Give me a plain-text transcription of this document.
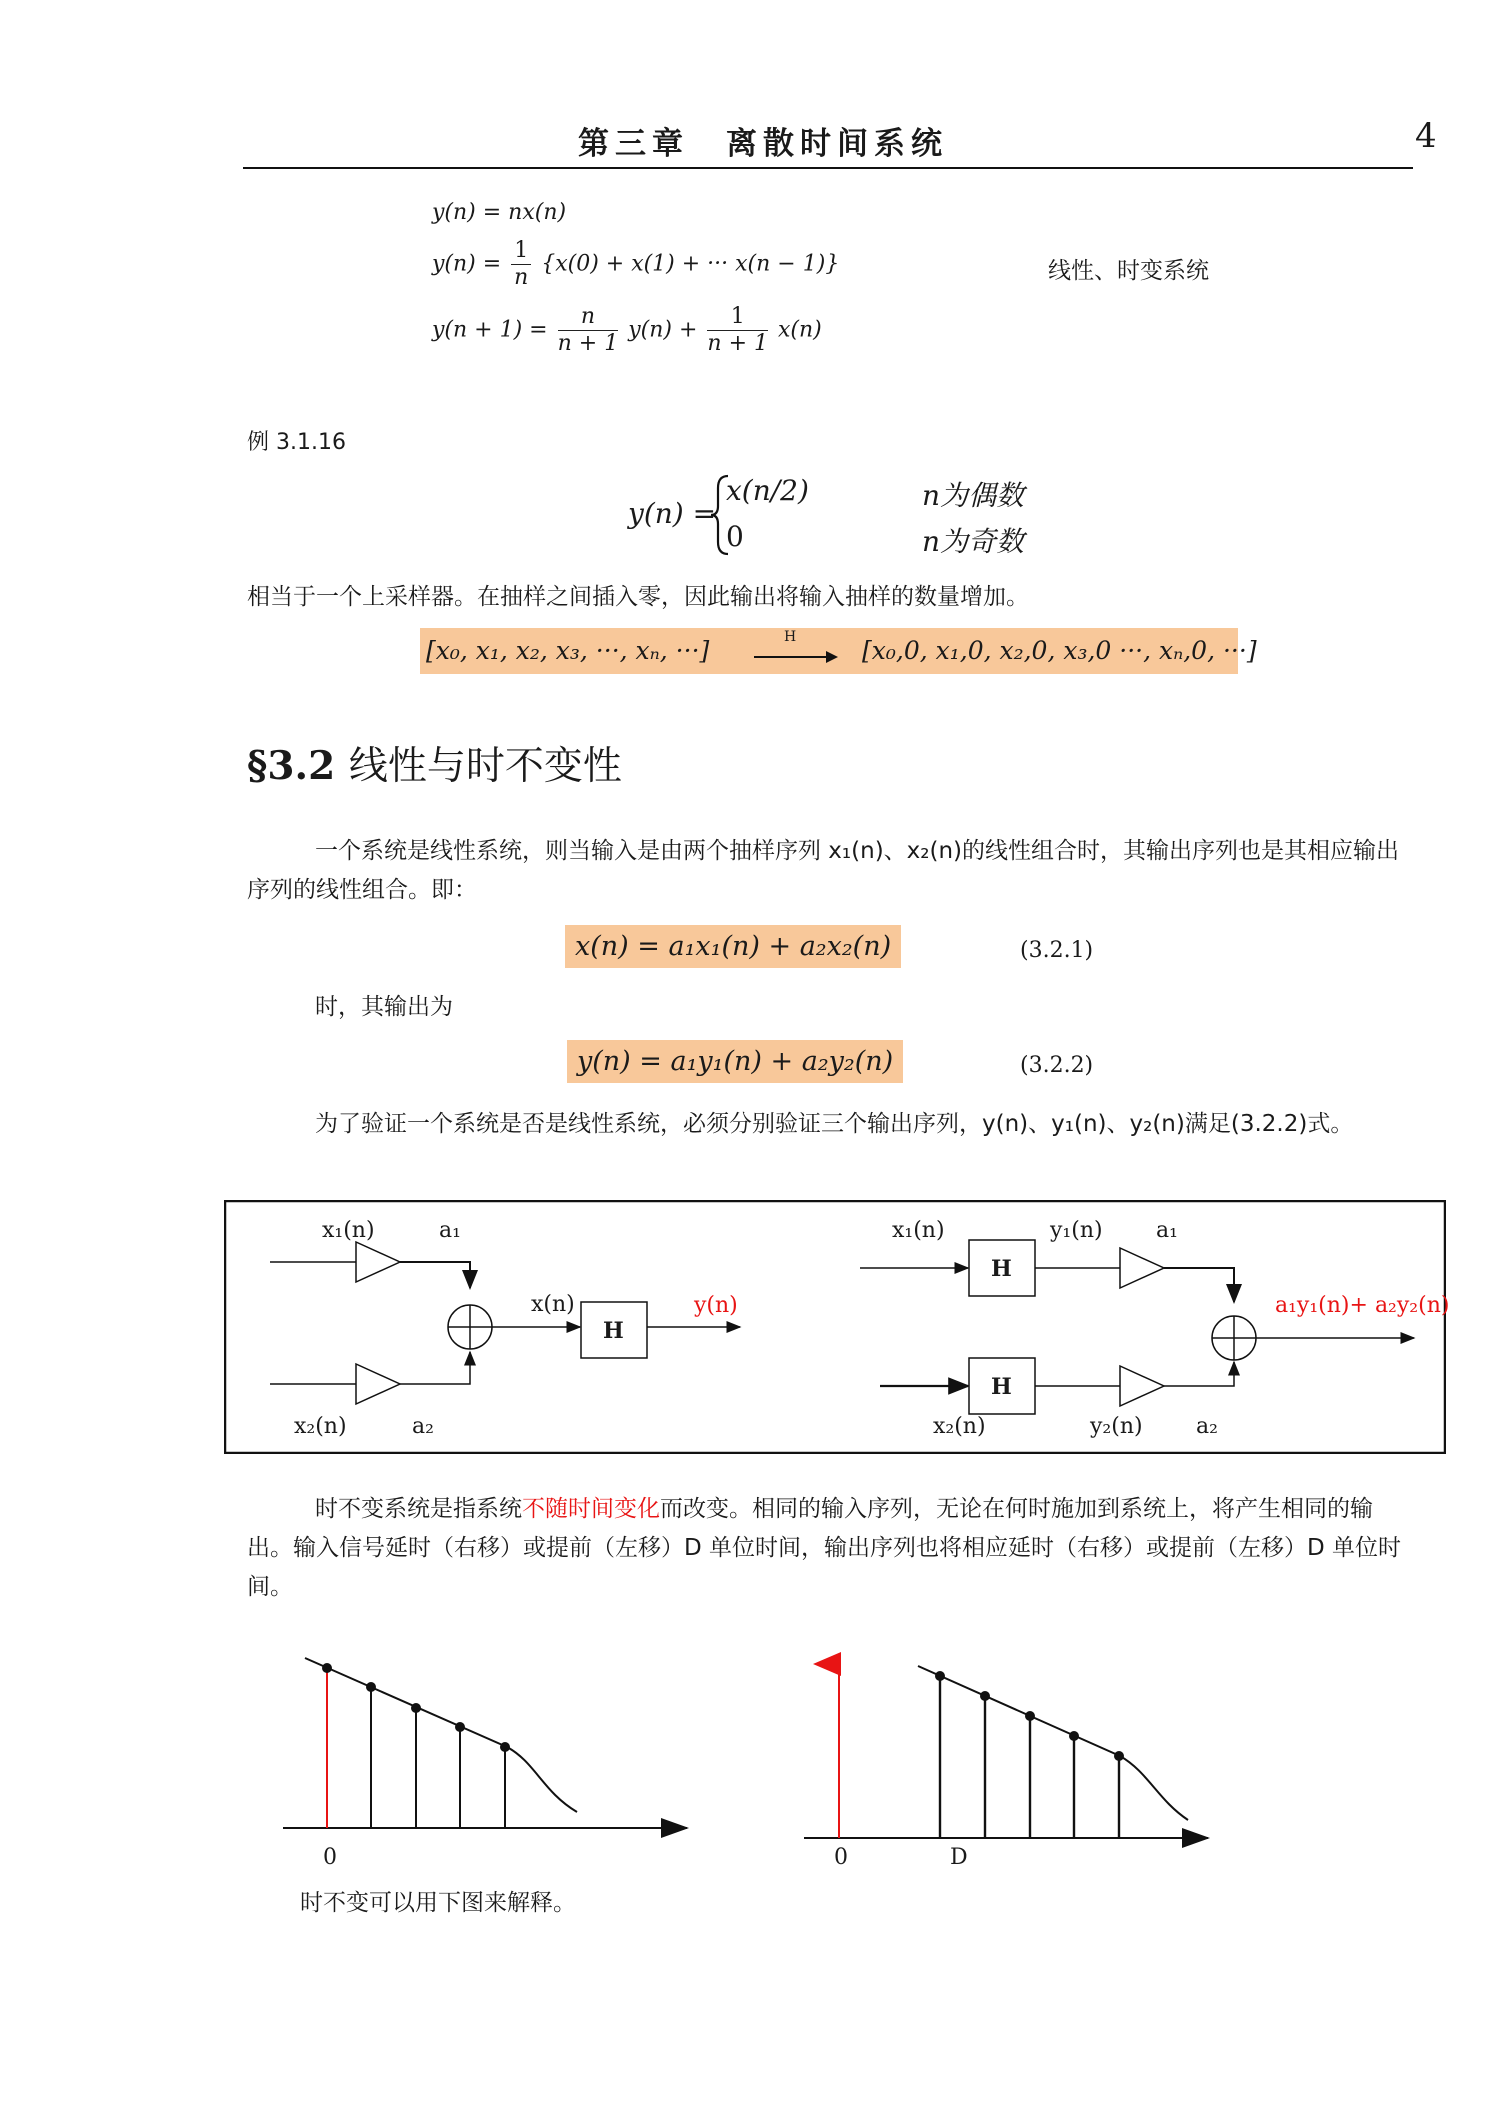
第三章　离散时间系统	4
y(n) = nx(n)
$y(n) = \frac{1}{n} \{x(0) + x(1)$ + ··· x(n − 1)}	线性、时变系统
$y(n + 1) = \frac{n}{n + 1} y(n) + \frac{1}{n + 1} x(n)$
例 3.1.16
y(n) =
x(n/2)	n为偶数
0	n为奇数
相当于一个上采样器。在抽样之间插入零，因此输出将输入抽样的数量增加。
[x₀, x₁, x₂, x₃, ···, xₙ, ···]	H	[x₀,0, x₁,0, x₂,0, x₃,0 ···, xₙ,0, ···]
§3.2 线性与时不变性
一个系统是线性系统，则当输入是由两个抽样序列 x₁(n)、x₂(n)的线性组合时，其输出序列也是其相应输出序列的线性组合。即：
x(n) = a₁x₁(n) + a₂x₂(n)	(3.2.1)
时，其输出为
y(n) = a₁y₁(n) + a₂y₂(n)	(3.2.2)
为了验证一个系统是否是线性系统，必须分别验证三个输出序列，y(n)、y₁(n)、y₂(n)满足(3.2.2)式。
x₁(n)	a₁
x₂(n)	a₂
x(n)
H
y(n)
x₁(n)	y₁(n) a₁
x₂(n)	y₂(n) a₂
H
H
a₁y₁(n)+ a₂y₂(n)
时不变系统是指系统不随时间变化而改变。相同的输入序列，无论在何时施加到系统上，将产生相同的输出。输入信号延时（右移）或提前（左移）D 单位时间，输出序列也将相应延时（右移）或提前（左移）D 单位时间。
0	0	D
时不变可以用下图来解释。
